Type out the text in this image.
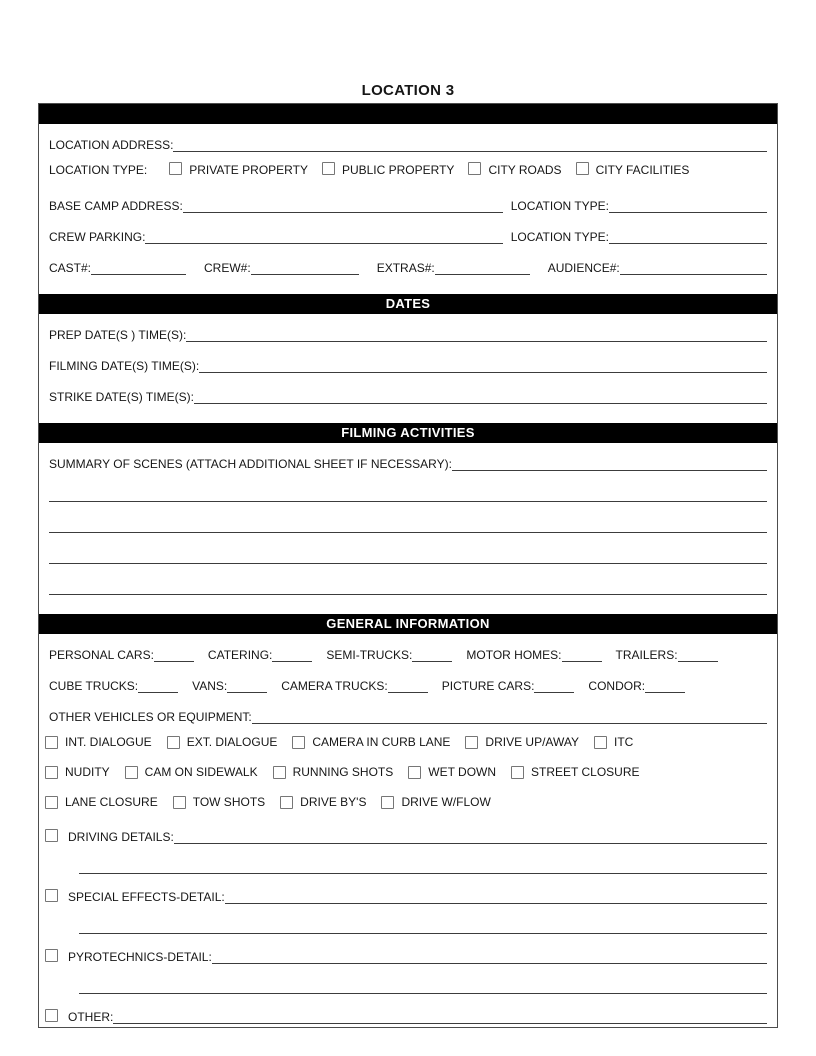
LOCATION 3
LOCATION ADDRESS:
LOCATION TYPE:	PRIVATE PROPERTY	PUBLIC PROPERTY	CITY ROADS	CITY FACILITIES
BASE CAMP ADDRESS:	LOCATION TYPE:
CREW PARKING:	LOCATION TYPE:
CAST#:	CREW#:	EXTRAS#:	AUDIENCE#:
DATES
PREP DATE(S ) TIME(S):
FILMING DATE(S) TIME(S):
STRIKE DATE(S) TIME(S):
FILMING ACTIVITIES
SUMMARY OF SCENES (ATTACH ADDITIONAL SHEET IF NECESSARY):
GENERAL INFORMATION
PERSONAL CARS:	CATERING:	SEMI-TRUCKS:	MOTOR HOMES:	TRAILERS:
CUBE TRUCKS:	VANS:	CAMERA TRUCKS:	PICTURE CARS:	CONDOR:
OTHER VEHICLES OR EQUIPMENT:
INT. DIALOGUE	EXT. DIALOGUE	CAMERA IN CURB LANE	DRIVE UP/AWAY	ITC
NUDITY	CAM ON SIDEWALK	RUNNING SHOTS	WET DOWN	STREET CLOSURE
LANE CLOSURE	TOW SHOTS	DRIVE BY'S	DRIVE W/FLOW
DRIVING DETAILS:
SPECIAL EFFECTS-DETAIL:
PYROTECHNICS-DETAIL:
OTHER:
